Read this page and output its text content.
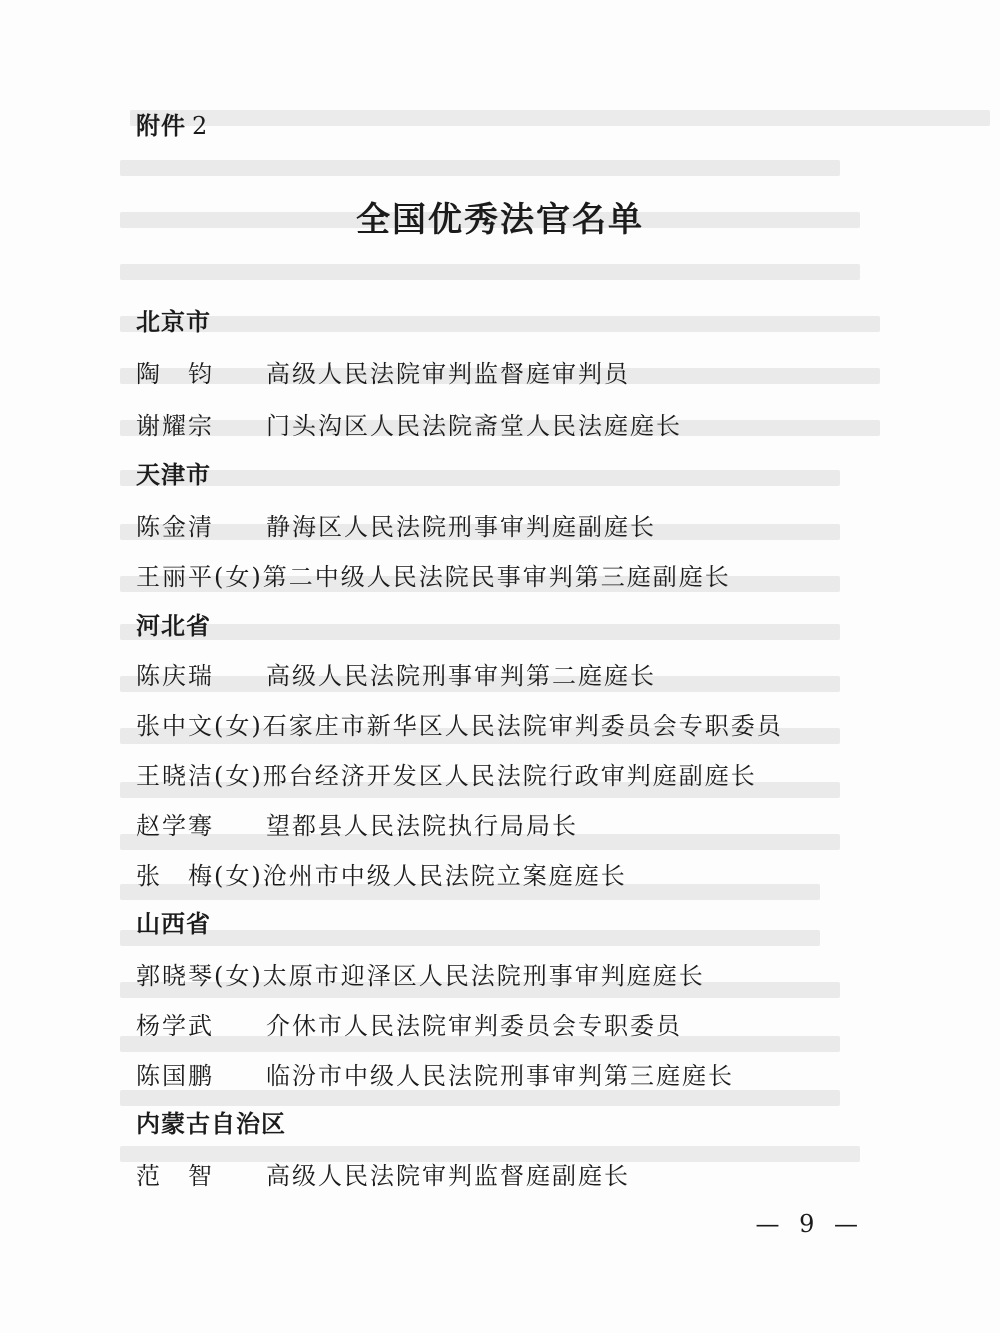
附件 2
全国优秀法官名单
北京市
陶　钧 高级人民法院审判监督庭审判员
谢耀宗 门头沟区人民法院斋堂人民法庭庭长
天津市
陈金清 静海区人民法院刑事审判庭副庭长
王丽平(女)第二中级人民法院民事审判第三庭副庭长
河北省
陈庆瑞 高级人民法院刑事审判第二庭庭长
张中文(女)石家庄市新华区人民法院审判委员会专职委员
王晓洁(女)邢台经济开发区人民法院行政审判庭副庭长
赵学骞 望都县人民法院执行局局长
张　梅(女)沧州市中级人民法院立案庭庭长
山西省
郭晓琴(女)太原市迎泽区人民法院刑事审判庭庭长
杨学武 介休市人民法院审判委员会专职委员
陈国鹏 临汾市中级人民法院刑事审判第三庭庭长
内蒙古自治区
范　智 高级人民法院审判监督庭副庭长
— 9 —
